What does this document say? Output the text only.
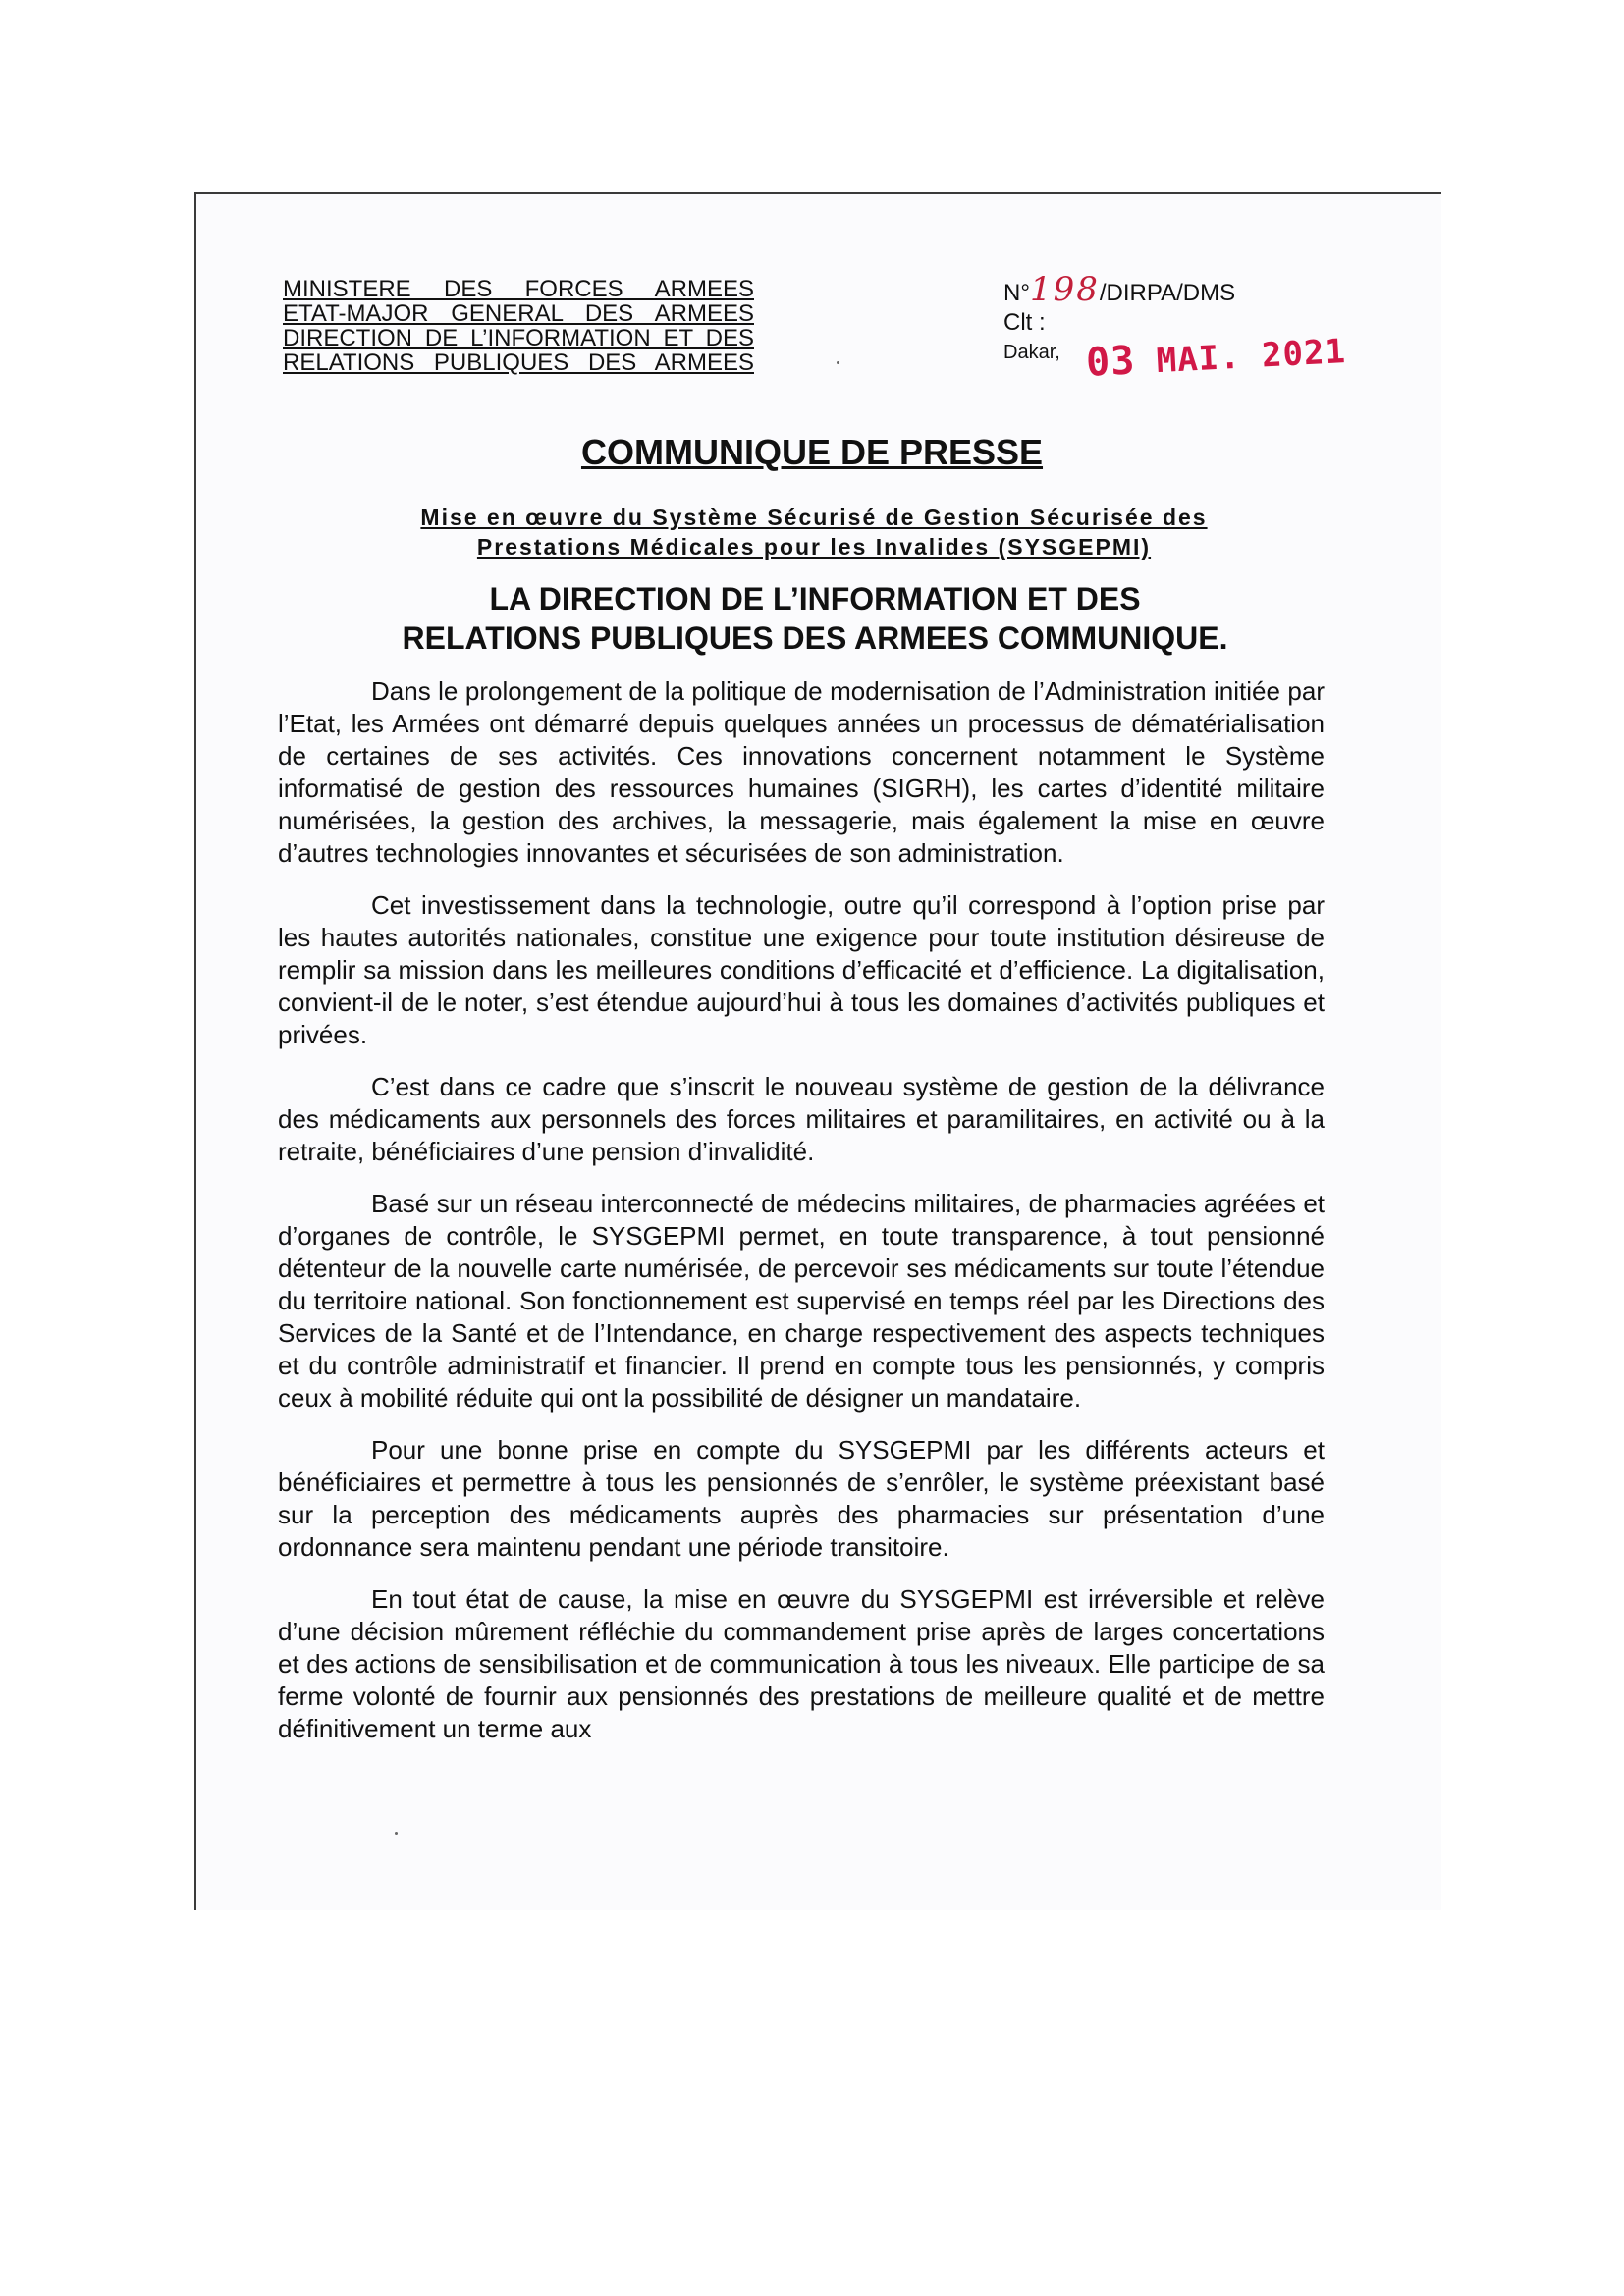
MINISTERE DES FORCES ARMEES
ETAT-MAJOR GENERAL DES ARMEES
DIRECTION DE L’INFORMATION ET DES
RELATIONS PUBLIQUES DES ARMEES
N°198/DIRPA/DMS
Clt :
Dakar, 03 MAI. 2021
COMMUNIQUE DE PRESSE
Mise en œuvre du Système Sécurisé de Gestion Sécurisée des
Prestations Médicales pour les Invalides (SYSGEPMI)
LA DIRECTION DE L’INFORMATION ET DES
RELATIONS PUBLIQUES DES ARMEES COMMUNIQUE.

Dans le prolongement de la politique de modernisation de l’Administration initiée par l’Etat, les Armées ont démarré depuis quelques années un processus de dématérialisation de certaines de ses activités. Ces innovations concernent notamment le Système informatisé de gestion des ressources humaines (SIGRH), les cartes d’identité militaire numérisées, la gestion des archives, la messagerie, mais également la mise en œuvre d’autres technologies innovantes et sécurisées de son administration.

Cet investissement dans la technologie, outre qu’il correspond à l’option prise par les hautes autorités nationales, constitue une exigence pour toute institution désireuse de remplir sa mission dans les meilleures conditions d’efficacité et d’efficience. La digitalisation, convient-il de le noter, s’est étendue aujourd’hui à tous les domaines d’activités publiques et privées.

C’est dans ce cadre que s’inscrit le nouveau système de gestion de la délivrance des médicaments aux personnels des forces militaires et paramilitaires, en activité ou à la retraite, bénéficiaires d’une pension d’invalidité.

Basé sur un réseau interconnecté de médecins militaires, de pharmacies agréées et d’organes de contrôle, le SYSGEPMI permet, en toute transparence, à tout pensionné détenteur de la nouvelle carte numérisée, de percevoir ses médicaments sur toute l’étendue du territoire national. Son fonctionnement est supervisé en temps réel par les Directions des Services de la Santé et de l’Intendance, en charge respectivement des aspects techniques et du contrôle administratif et financier. Il prend en compte tous les pensionnés, y compris ceux à mobilité réduite qui ont la possibilité de désigner un mandataire.

Pour une bonne prise en compte du SYSGEPMI par les différents acteurs et bénéficiaires et permettre à tous les pensionnés de s’enrôler, le système préexistant basé sur la perception des médicaments auprès des pharmacies sur présentation d’une ordonnance sera maintenu pendant une période transitoire.

En tout état de cause, la mise en œuvre du SYSGEPMI est irréversible et relève d’une décision mûrement réfléchie du commandement prise après de larges concertations et des actions de sensibilisation et de communication à tous les niveaux. Elle participe de sa ferme volonté de fournir aux pensionnés des prestations de meilleure qualité et de mettre définitivement un terme aux
